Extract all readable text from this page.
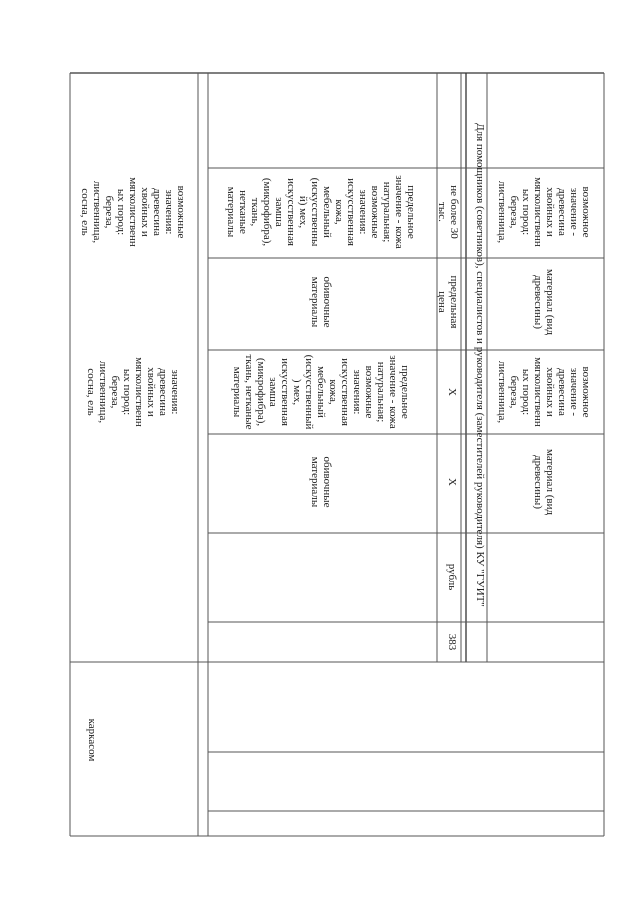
каркасом
значения:древесинахвойных имягколиственных пород:береза,лиственница,сосна, ель
возможныезначения:древесинахвойных имягколиственных пород:береза,лиственница,сосна, ель
обивочныематериалы
предельноезначение - кожанатуральная;возможныезначения:искусственнаякожа,мебельный(искусственный) мех,искусственнаязамша(микрофибра),ткань, нетканыематериалы
обивочныематериалы
предельноезначение - кожанатуральная;возможныезначения:искусственнаякожа,мебельный(искусственный) мех,искусственнаязамша(микрофибра),ткань,нетканыематериалы
383
рубль
X
X
предельнаяцена
не более 30тыс.	Для помощников (советников), специалистов и руководителя (заместителей руководителя) КУ "ГУИТ"	материал (виддревесины)
возможноезначение -древесинахвойных имягколиственных пород:береза,лиственница,
материал (виддревесины)
возможноезначение -древесинахвойных имягколиственных пород:береза,лиственница,
